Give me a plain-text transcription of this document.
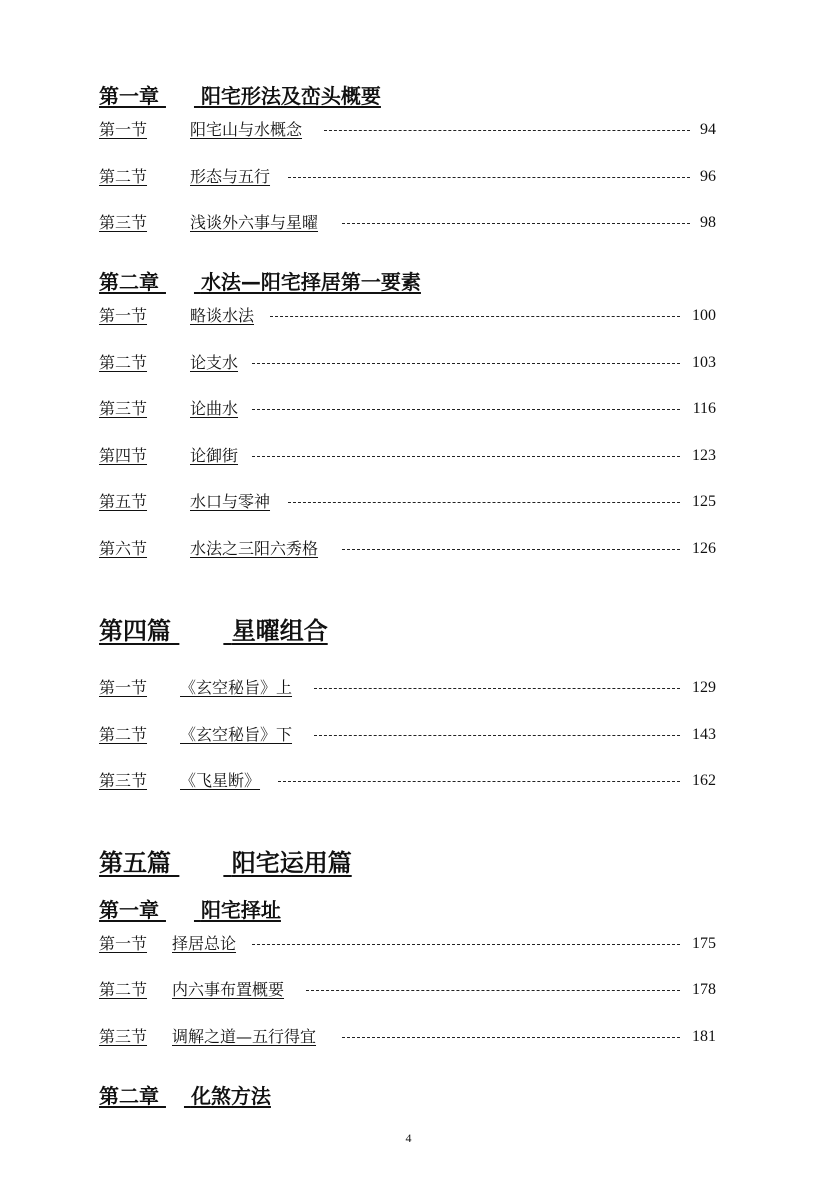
第一章 阳宅形法及峦头概要
第一节	阳宅山与水概念	94
第二节	形态与五行	96
第三节	浅谈外六事与星曜	98
第二章 水法—阳宅择居第一要素
第一节	略谈水法	100
第二节	论支水	103
第三节	论曲水	116
第四节	论御街	123
第五节	水口与零神	125
第六节	水法之三阳六秀格	126
第四篇	星曜组合
第一节 《玄空秘旨》上	129
第二节 《玄空秘旨》下	143
第三节 《飞星断》	162
第五篇	阳宅运用篇
第一章 阳宅择址
第一节 择居总论	175
第二节 内六事布置概要	178
第三节 调解之道—五行得宜	181
第二章 化煞方法
4
